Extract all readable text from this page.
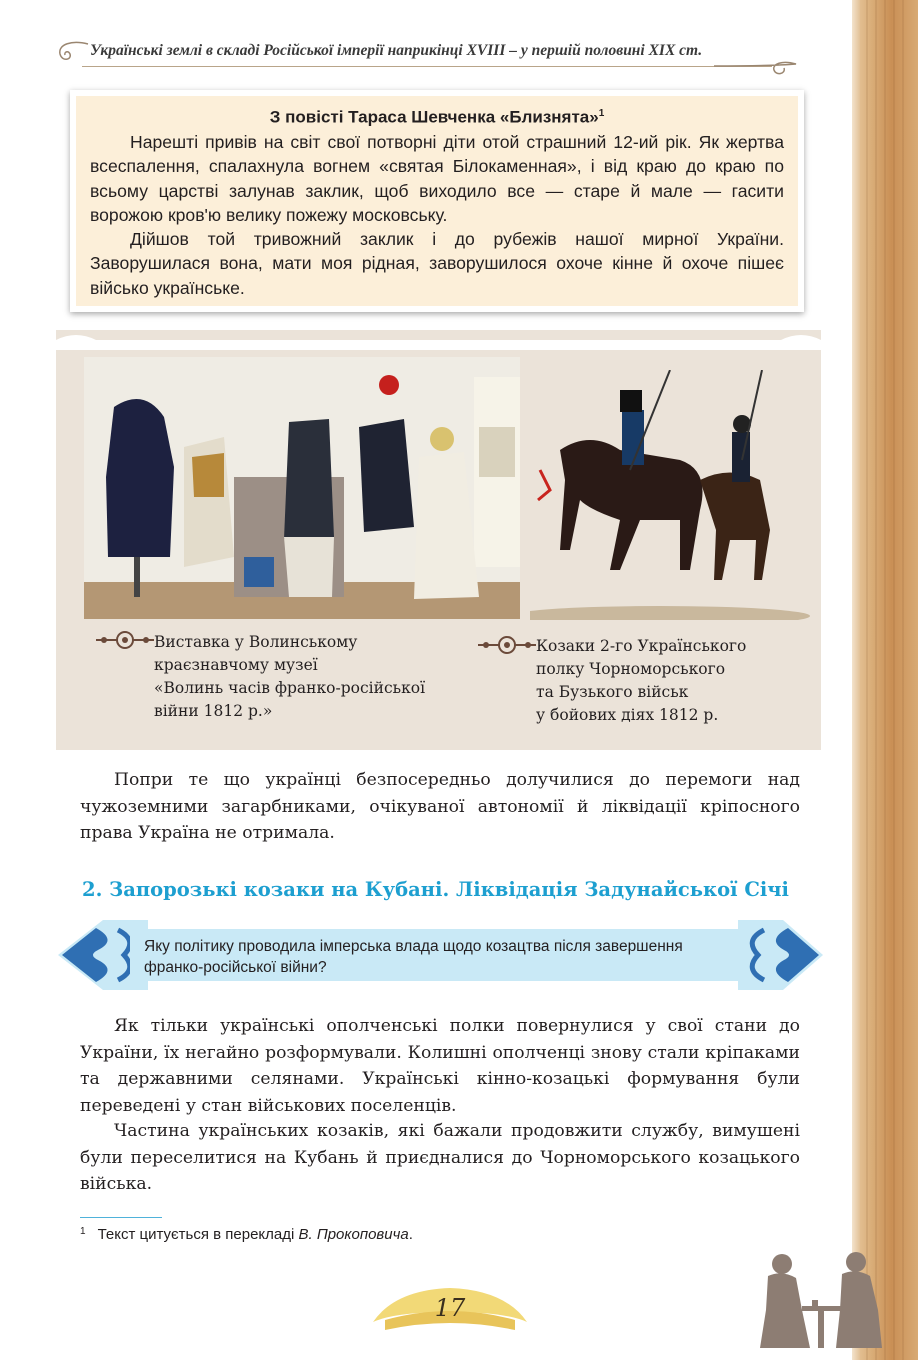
Українські землі в складі Російської імперії наприкінці XVIII – у першій половині XIX ст.
З повісті Тараса Шевченка «Близнята»$^1$

Нарешті привів на світ свої потворні діти отой страшний 12-ий рік. Як жертва всеспалення, спалахнула вогнем «святая Білокаменная», і від краю до краю по всьому царстві залунав заклик, щоб виходило все — старе й мале — гасити ворожою кров'ю велику пожежу московську.

Дійшов той тривожний заклик і до рубежів нашої мирної України. Заворушилася вона, мати моя рідная, заворушилося охоче кінне й охоче пішеє військо українське.

Виставка у Волинському
краєзнавчому музеї
«Волинь часів франко-російської
війни 1812 р.»
Козаки 2-го Українського
полку Чорноморського
та Бузького військ
у бойових діях 1812 р.

Попри те що українці безпосередньо долучилися до перемоги над чужоземними загарбниками, очікуваної автономії й ліквідації кріпосного права Україна не отримала.

2. Запорозькі козаки на Кубані. Ліквідація Задунайської Січі
Яку політику проводила імперська влада щодо козацтва після завершення франко-російської війни?

Як тільки українські ополченські полки повернулися у свої стани до України, їх негайно розформували. Колишні ополченці знову стали кріпаками та державними селянами. Українські кінно-козацькі формування були переведені у стан військових поселенців.

Частина українських козаків, які бажали продовжити службу, вимушені були переселитися на Кубань й приєдналися до Чорноморського козацького війська.

$^1$ Текст цитується в перекладі В. Прокоповича.
17
